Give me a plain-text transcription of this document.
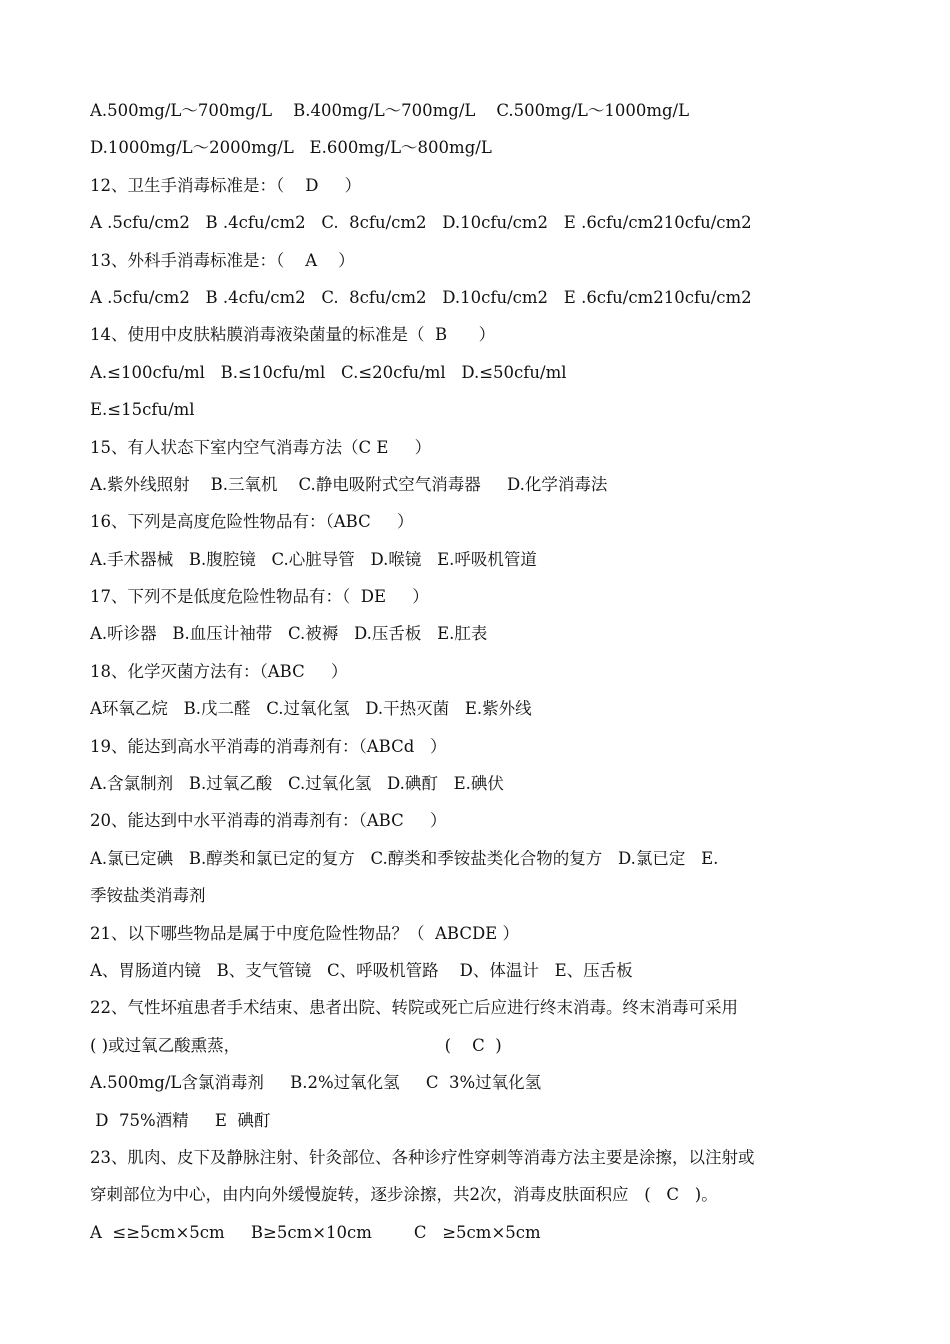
A.500mg/L～700mg/L    B.400mg/L～700mg/L    C.500mg/L～1000mg/L
D.1000mg/L～2000mg/L   E.600mg/L～800mg/L
12、卫生手消毒标准是：（    D     ）
A .5cfu/cm2   B .4cfu/cm2   C.  8cfu/cm2   D.10cfu/cm2   E .6cfu/cm210cfu/cm2
13、外科手消毒标准是：（    A    ）
A .5cfu/cm2   B .4cfu/cm2   C.  8cfu/cm2   D.10cfu/cm2   E .6cfu/cm210cfu/cm2
14、使用中皮肤粘膜消毒液染菌量的标准是（  B      ）
A.≤100cfu/ml   B.≤10cfu/ml   C.≤20cfu/ml   D.≤50cfu/ml
E.≤15cfu/ml
15、有人状态下室内空气消毒方法（C E     ）
A.紫外线照射    B.三氧机    C.静电吸附式空气消毒器     D.化学消毒法
16、下列是高度危险性物品有：（ABC     ）
A.手术器械   B.腹腔镜   C.心脏导管   D.喉镜   E.呼吸机管道
17、下列不是低度危险性物品有：（  DE     ）
A.听诊器   B.血压计袖带   C.被褥   D.压舌板   E.肛表
18、化学灭菌方法有：（ABC     ）
A环氧乙烷   B.戊二醛   C.过氧化氢   D.干热灭菌   E.紫外线
19、能达到高水平消毒的消毒剂有：（ABCd   ）
A.含氯制剂   B.过氧乙酸   C.过氧化氢   D.碘酊   E.碘伏
20、能达到中水平消毒的消毒剂有：（ABC     ）
A.氯已定碘   B.醇类和氯已定的复方   C.醇类和季铵盐类化合物的复方   D.氯已定   E.
季铵盐类消毒剂
21、以下哪些物品是属于中度危险性物品？（  ABCDE ）
A、胃肠道内镜   B、支气管镜   C、呼吸机管路    D、体温计   E、压舌板
22、气性坏疽患者手术结束、患者出院、转院或死亡后应进行终末消毒。终末消毒可采用
( )或过氧乙酸熏蒸，                                       (    C  )
A.500mg/L含氯消毒剂     B.2%过氧化氢     C  3%过氧化氢
D  75%酒精     E  碘酊
23、肌肉、皮下及静脉注射、针灸部位、各种诊疗性穿刺等消毒方法主要是涂擦，以注射或
穿刺部位为中心，由内向外缓慢旋转，逐步涂擦，共2次，消毒皮肤面积应   (   C   )。
A  ≤≥5cm×5cm     B≥5cm×10cm        C   ≥5cm×5cm
